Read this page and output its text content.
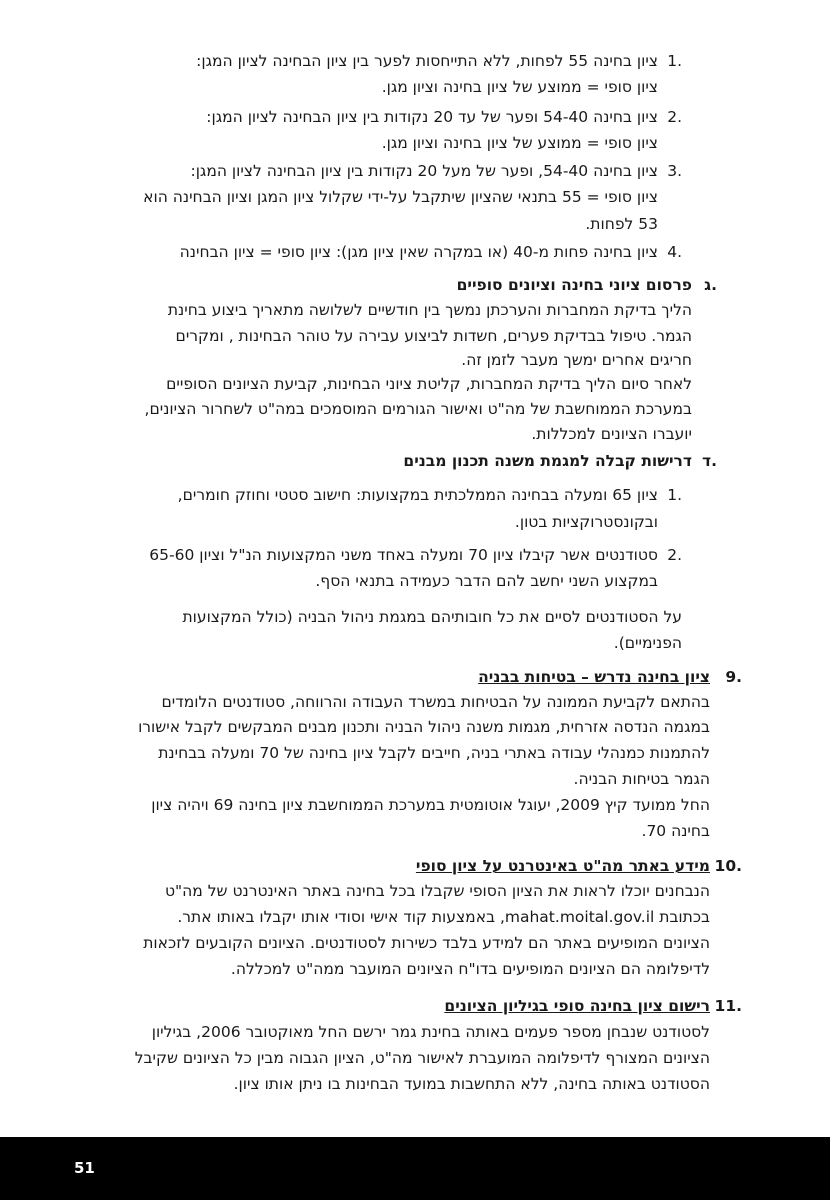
1.
ציון בחינה 55 לפחות, ללא התייחסות לפער בין ציון הבחינה לציון המגן:
ציון סופי = ממוצע של ציון בחינה וציון מגן.
2.
ציון בחינה 54-40 ופער של עד 20 נקודות בין ציון הבחינה לציון המגן:
ציון סופי = ממוצע של ציון בחינה וציון מגן.
3.
ציון בחינה 54-40, ופער של מעל 20 נקודות בין ציון הבחינה לציון המגן:
ציון סופי = 55 בתנאי שהציון שיתקבל על-ידי שקלול ציון המגן וציון הבחינה הוא
53 לפחות.
4.
ציון בחינה פחות מ-40 (או במקרה שאין ציון מגן): ציון סופי = ציון הבחינה
ג.
פרסום ציוני בחינה וציונים סופיים
הליך בדיקת המחברות והערכתן נמשך בין חודשיים לשלושה מתאריך ביצוע בחינת
הגמר. טיפול בבדיקת פערים, חשדות לביצוע עבירה על טוהר הבחינות , ומקרים
חריגים אחרים ימשך מעבר לזמן זה.
לאחר סיום הליך בדיקת המחברות, קליטת ציוני הבחינות, קביעת הציונים הסופיים
במערכת הממוחשבת של מה"ט ואישור הגורמים המוסמכים במה"ט לשחרור הציונים,
יועברו הציונים למכללות.
ד.
דרישות קבלה למגמת משנה תכנון מבנים
1.
ציון 65 ומעלה בבחינה הממלכתית במקצועות: חישוב סטטי וחוזק חומרים,
ובקונסטרוקציות בטון.
2.
סטודנטים אשר קיבלו ציון 70 ומעלה באחד משני המקצועות הנ"ל וציון 65-60
במקצוע השני יחשב להם הדבר כעמידה בתנאי הסף.
על הסטודנטים לסיים את כל חובותיהם במגמת ניהול הבניה (כולל המקצועות
הפנימיים).
9.
ציון בחינה נדרש – בטיחות בבניה
בהתאם לקביעת הממונה על הבטיחות במשרד העבודה והרווחה, סטודנטים הלומדים
במגמה הנדסה אזרחית, מגמות משנה ניהול הבניה ותכנון מבנים המבקשים לקבל אישורו
להתמנות כמנהלי עבודה באתרי בניה, חייבים לקבל ציון בחינה של 70 ומעלה בבחינת
הגמר בטיחות הבניה.
החל ממועד קיץ 2009, יעוגל אוטומטית במערכת הממוחשבת ציון בחינה 69 ויהיה ציון
בחינה 70.
10.
מידע באתר מה"ט באינטרנט על ציון סופי
הנבחנים יוכלו לראות את הציון הסופי שקבלו בכל בחינה באתר האינטרנט של מה"ט
בכתובת mahat.moital.gov.il, באמצעות קוד אישי וסודי אותו יקבלו באותו אתר.
הציונים המופיעים באתר הם למידע בלבד כשירות לסטודנטים. הציונים הקובעים לזכאות
לדיפלומה הם הציונים המופיעים בדו"ח הציונים המועבר ממה"ט למכללה.
11.
רישום ציון בחינה סופי בגיליון הציונים
לסטודנט שנבחן מספר פעמים באותה בחינת גמר ירשם החל מאוקטובר 2006, בגיליון
הציונים המצורף לדיפלומה המועברת לאישור מה"ט, הציון הגבוה מבין כל הציונים שקיבל
הסטודנט באותה בחינה, ללא התחשבות במועד הבחינות בו ניתן אותו ציון.
51
